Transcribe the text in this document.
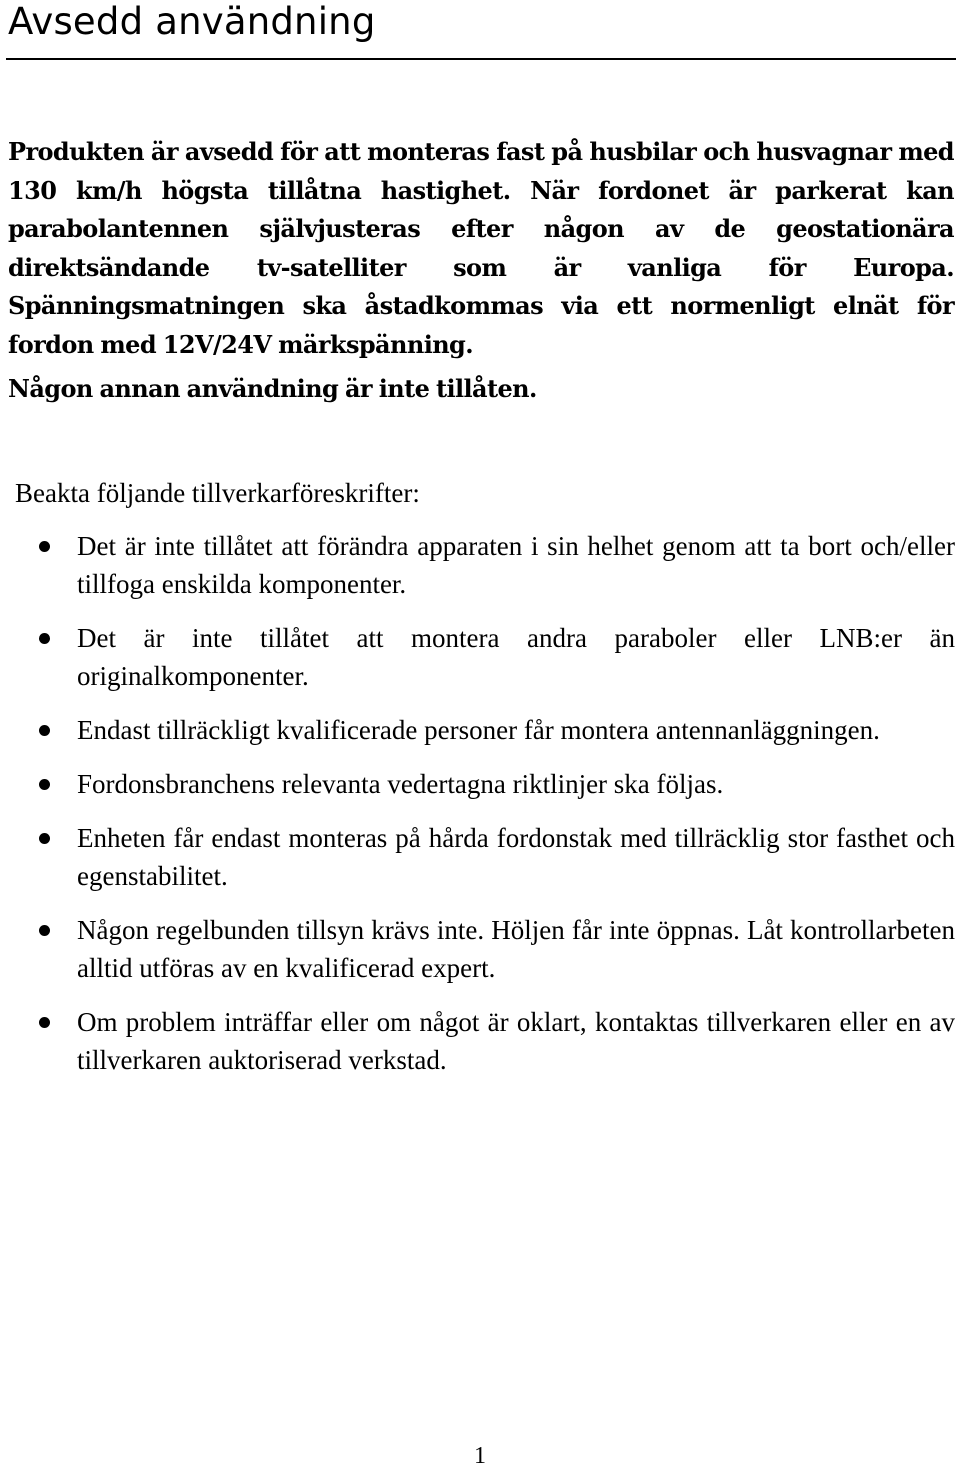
Avsedd användning

Produkten är avsedd för att monteras fast på husbilar och husvagnar med 130 km/h högsta tillåtna hastighet. När fordonet är parkerat kan parabolantennen självjusteras efter någon av de geostationära direktsändande tv-satelliter som är vanliga för Europa. Spänningsmatningen ska åstadkommas via ett normenligt elnät för fordon med 12V/24V märkspänning.

Någon annan användning är inte tillåten.

Beakta följande tillverkarföreskrifter:

Det är inte tillåtet att förändra apparaten i sin helhet genom att ta bort och/eller tillfoga enskilda komponenter.
Det är inte tillåtet att montera andra paraboler eller LNB:er än originalkomponenter.
Endast tillräckligt kvalificerade personer får montera antennanläggningen.
Fordonsbranchens relevanta vedertagna riktlinjer ska följas.
Enheten får endast monteras på hårda fordonstak med tillräcklig stor fasthet och egenstabilitet.
Någon regelbunden tillsyn krävs inte. Höljen får inte öppnas. Låt kontrollarbeten alltid utföras av en kvalificerad expert.
Om problem inträffar eller om något är oklart, kontaktas tillverkaren eller en av tillverkaren auktoriserad verkstad.
1
